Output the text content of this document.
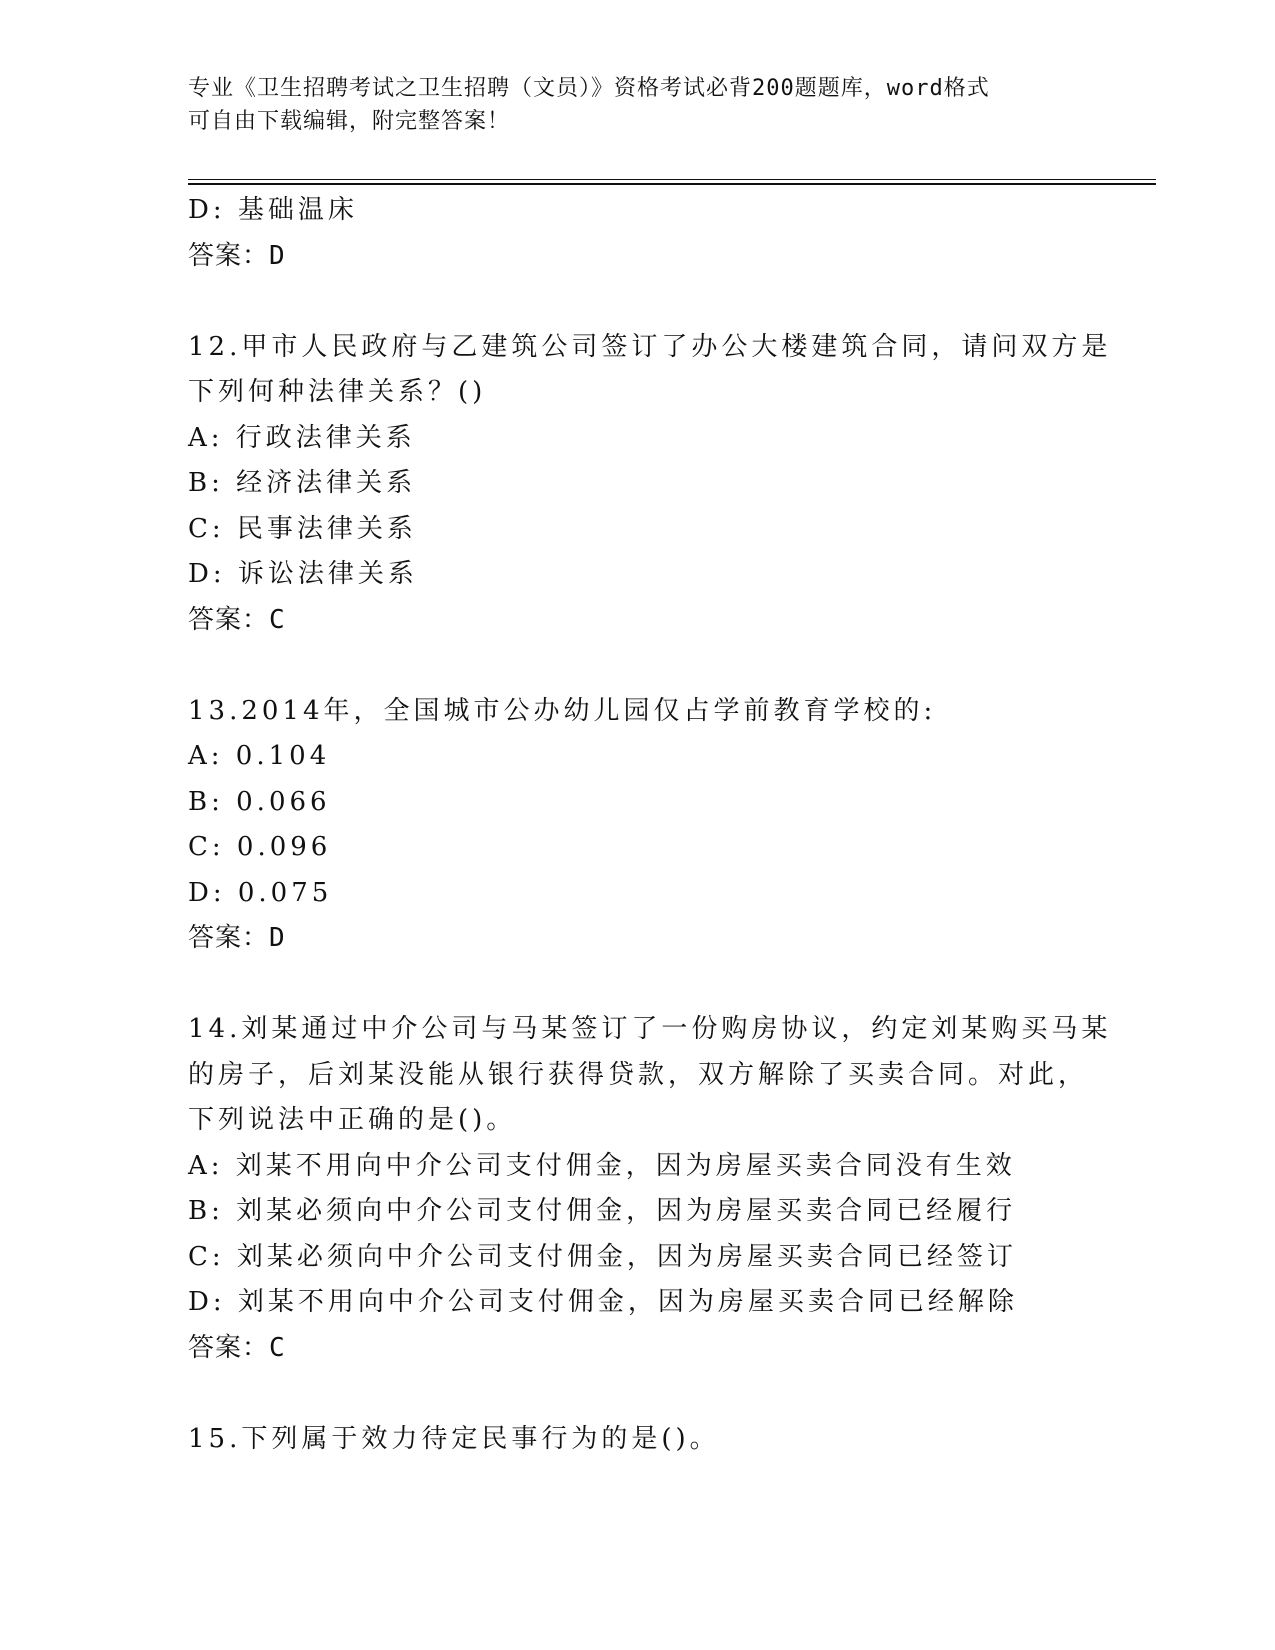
专业《卫生招聘考试之卫生招聘（文员）》资格考试必背200题题库，word格式
可自由下载编辑，附完整答案！
D: 基础温床
答案：D
12.甲市人民政府与乙建筑公司签订了办公大楼建筑合同，请问双方是
下列何种法律关系？()
A: 行政法律关系
B: 经济法律关系
C: 民事法律关系
D: 诉讼法律关系
答案：C
13.2014年，全国城市公办幼儿园仅占学前教育学校的:
A: 0.104
B: 0.066
C: 0.096
D: 0.075
答案：D
14.刘某通过中介公司与马某签订了一份购房协议，约定刘某购买马某
的房子，后刘某没能从银行获得贷款，双方解除了买卖合同。对此，
下列说法中正确的是()。
A: 刘某不用向中介公司支付佣金，因为房屋买卖合同没有生效
B: 刘某必须向中介公司支付佣金，因为房屋买卖合同已经履行
C: 刘某必须向中介公司支付佣金，因为房屋买卖合同已经签订
D: 刘某不用向中介公司支付佣金，因为房屋买卖合同已经解除
答案：C
15.下列属于效力待定民事行为的是()。
